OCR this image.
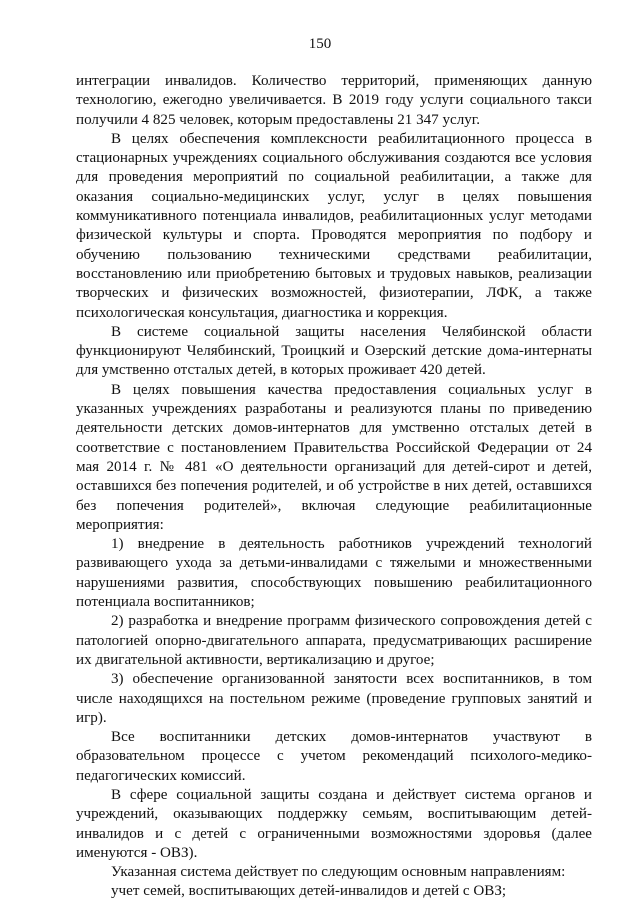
150

интеграции инвалидов. Количество территорий, применяющих данную технологию, ежегодно увеличивается. В 2019 году услуги социального такси получили 4 825 человек, которым предоставлены 21 347 услуг.

В целях обеспечения комплексности реабилитационного процесса в стационарных учреждениях социального обслуживания создаются все условия для проведения мероприятий по социальной реабилитации, а также для оказания социально-медицинских услуг, услуг в целях повышения коммуникативного потенциала инвалидов, реабилитационных услуг методами физической культуры и спорта. Проводятся мероприятия по подбору и обучению пользованию техническими средствами реабилитации, восстановлению или приобретению бытовых и трудовых навыков, реализации творческих и физических возможностей, физиотерапии, ЛФК, а также психологическая консультация, диагностика и коррекция.

В системе социальной защиты населения Челябинской области функционируют Челябинский, Троицкий и Озерский детские дома-интернаты для умственно отсталых детей, в которых проживает 420 детей.

В целях повышения качества предоставления социальных услуг в указанных учреждениях разработаны и реализуются планы по приведению деятельности детских домов-интернатов для умственно отсталых детей в соответствие с постановлением Правительства Российской Федерации от 24 мая 2014 г. № 481 «О деятельности организаций для детей-сирот и детей, оставшихся без попечения родителей, и об устройстве в них детей, оставшихся без попечения родителей», включая следующие реабилитационные мероприятия:

1) внедрение в деятельность работников учреждений технологий развивающего ухода за детьми-инвалидами с тяжелыми и множественными нарушениями развития, способствующих повышению реабилитационного потенциала воспитанников;

2) разработка и внедрение программ физического сопровождения детей с патологией опорно-двигательного аппарата, предусматривающих расширение их двигательной активности, вертикализацию и другое;

3) обеспечение организованной занятости всех воспитанников, в том числе находящихся на постельном режиме (проведение групповых занятий и игр).

Все воспитанники детских домов-интернатов участвуют в образовательном процессе с учетом рекомендаций психолого-медико-педагогических комиссий.

В сфере социальной защиты создана и действует система органов и учреждений, оказывающих поддержку семьям, воспитывающим детей-инвалидов и с детей с ограниченными возможностями здоровья (далее именуются - ОВЗ).

Указанная система действует по следующим основным направлениям:

учет семей, воспитывающих детей-инвалидов и детей с ОВЗ;
